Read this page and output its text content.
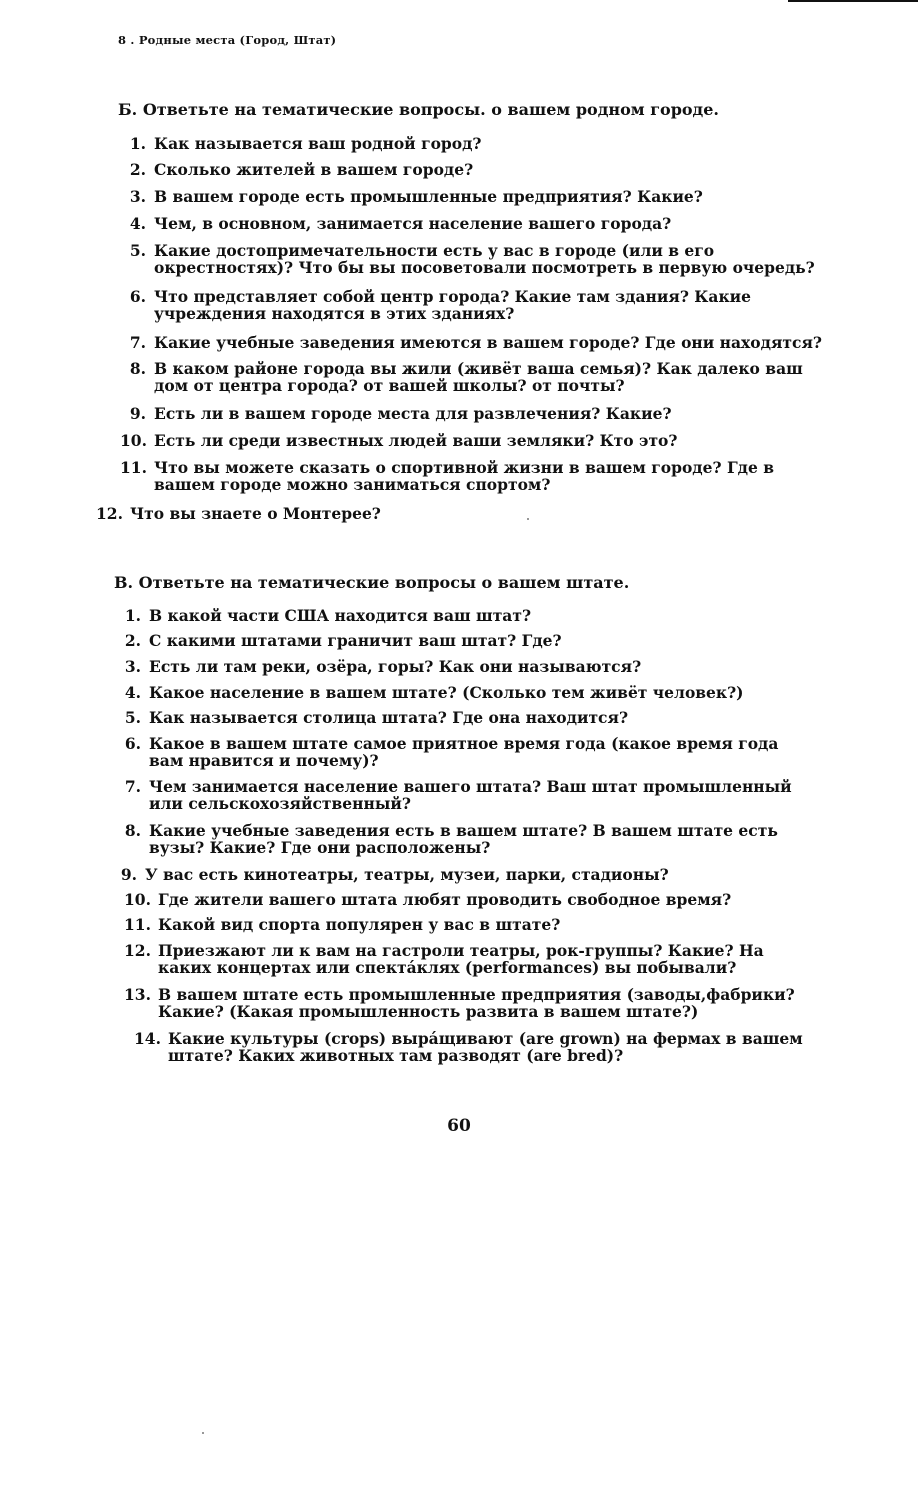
8 . Родные места (Город, Штат)
Б. Ответьте на тематические вопросы. о вашем родном городе.
1. Как называется ваш родной город?
2. Сколько жителей в вашем городе?
3. В вашем городе есть промышленные предприятия? Какие?
4. Чем, в основном, занимается население вашего города?
5. Какие достопримечательности есть у вас в городе (или в его
окрестностях)? Что бы вы посоветовали посмотреть в первую очередь?
6. Что представляет собой центр города? Какие там здания? Какие
учреждения находятся в этих зданиях?
7. Какие учебные заведения имеются в вашем городе? Где они находятся?
8. В каком районе города вы жили (живёт ваша семья)? Как далеко ваш
дом от центра города? от вашей школы? от почты?
9. Есть ли в вашем городе места для развлечения? Какие?
10. Есть ли среди известных людей ваши земляки? Кто это?
11. Что вы можете сказать о спортивной жизни в вашем городе? Где в
вашем городе можно заниматься спортом?
12. Что вы знаете о Монтерее?
В. Ответьте на тематические вопросы о вашем штате.
1. В какой части США находится ваш штат?
2. С какими штатами граничит ваш штат? Где?
3. Есть ли там реки, озёра, горы? Как они называются?
4. Какое население в вашем штате? (Сколько тем живёт человек?)
5. Как называется столица штата? Где она находится?
6. Какое в вашем штате самое приятное время года (какое время года
вам нравится и почему)?
7. Чем занимается население вашего штата? Ваш штат промышленный
или сельскохозяйственный?
8. Какие учебные заведения есть в вашем штате? В вашем штате есть
вузы? Какие? Где они расположены?
9. У вас есть кинотеатры, театры, музеи, парки, стадионы?
10. Где жители вашего штата любят проводить свободное время?
11. Какой вид спорта популярен у вас в штате?
12. Приезжают ли к вам на гастроли театры, рок-группы? Какие? На
каких концертах или спектáклях (performances) вы побывали?
13. В вашем штате есть промышленные предприятия (заводы,фабрики?
Какие? (Какая промышленность развита в вашем штате?)
14. Какие культуры (crops) вырáщивают (are grown) на фермах в вашем
штате? Каких животных там разводят (are bred)?
60
